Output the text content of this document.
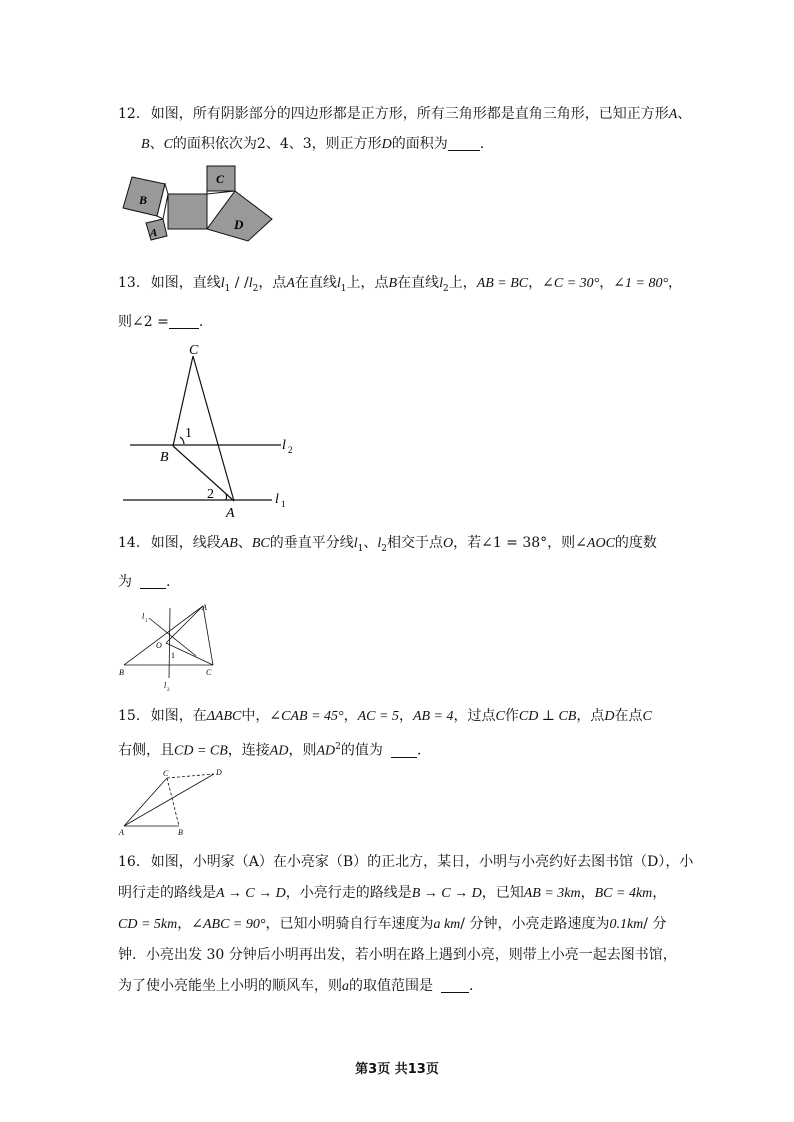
12. 如图，所有阴影部分的四边形都是正方形，所有三角形都是直角三角形，已知正方形A、
B、C的面积依次为2、4、3，则正方形D的面积为 .
B
A
C
D
13. 如图，直线$l_1 / /l_2$，点A在直线$l_1$上，点B在直线$l_2$上，AB = BC，∠C = 30°，∠1 = 80°，
则∠2 = .
C
B
A
1
2
l 2
l 1
14. 如图，线段AB、BC的垂直平分线$l_1$、$l_2$相交于点O，若∠1 = 38°，则∠AOC的度数
为 .
O
1
A
B	C
l
1
l
2
15. 如图，在ΔABC中，∠CAB = 45°，AC = 5，AB = 4，过点C作CD ⊥ CB，点D在点C
右侧，且CD = CB，连接AD，则$AD^2$的值为 .
C	D
A	B
16. 如图，小明家（A）在小亮家（B）的正北方，某日，小明与小亮约好去图书馆（D），小
明行走的路线是A → C → D，小亮行走的路线是B → C → D，已知AB = 3km，BC = 4km，
CD = 5km，∠ABC = 90°，已知小明骑自行车速度为a km/ 分钟，小亮走路速度为0.1km/ 分
钟．小亮出发 30 分钟后小明再出发，若小明在路上遇到小亮，则带上小亮一起去图书馆，
为了使小亮能坐上小明的顺风车，则a的取值范围是	.
第3页 共13页
